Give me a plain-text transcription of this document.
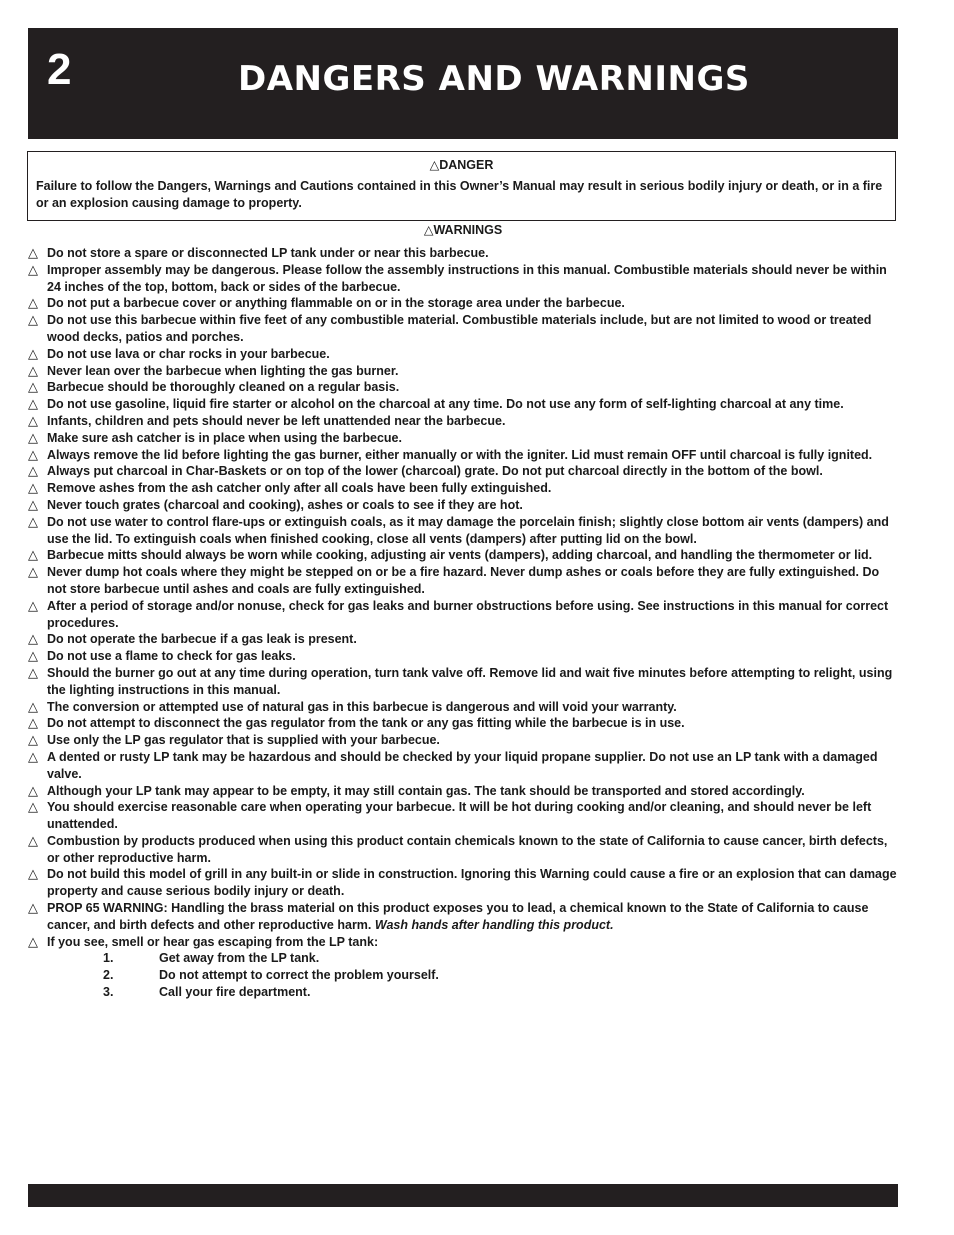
2	DANGERS AND WARNINGS
△DANGER
Failure to follow the Dangers, Warnings and Cautions contained in this Owner’s Manual may result in serious bodily injury or death, or in a fire or an explosion causing damage to property.
△WARNINGS
△ Do not store a spare or disconnected LP tank under or near this barbecue.
△ Improper assembly may be dangerous. Please follow the assembly instructions in this manual. Combustible materials should never be within 24 inches of the top, bottom, back or sides of the barbecue.
△ Do not put a barbecue cover or anything flammable on or in the storage area under the barbecue.
△ Do not use this barbecue within five feet of any combustible material. Combustible materials include, but are not limited to wood or treated wood decks, patios and porches.
△ Do not use lava or char rocks in your barbecue.
△ Never lean over the barbecue when lighting the gas burner.
△ Barbecue should be thoroughly cleaned on a regular basis.
△ Do not use gasoline, liquid fire starter or alcohol on the charcoal at any time. Do not use any form of self-lighting charcoal at any time.
△ Infants, children and pets should never be left unattended near the barbecue.
△ Make sure ash catcher is in place when using the barbecue.
△ Always remove the lid before lighting the gas burner, either manually or with the igniter. Lid must remain OFF until charcoal is fully ignited.
△ Always put charcoal in Char-Baskets or on top of the lower (charcoal) grate. Do not put charcoal directly in the bottom of the bowl.
△ Remove ashes from the ash catcher only after all coals have been fully extinguished.
△ Never touch grates (charcoal and cooking), ashes or coals to see if they are hot.
△ Do not use water to control flare-ups or extinguish coals, as it may damage the porcelain finish; slightly close bottom air vents (dampers) and use the lid. To extinguish coals when finished cooking, close all vents (dampers) after putting lid on the bowl.
△ Barbecue mitts should always be worn while cooking, adjusting air vents (dampers), adding charcoal, and handling the thermometer or lid.
△ Never dump hot coals where they might be stepped on or be a fire hazard. Never dump ashes or coals before they are fully extinguished. Do not store barbecue until ashes and coals are fully extinguished.
△ After a period of storage and/or nonuse, check for gas leaks and burner obstructions before using. See instructions in this manual for correct procedures.
△ Do not operate the barbecue if a gas leak is present.
△ Do not use a flame to check for gas leaks.
△ Should the burner go out at any time during operation, turn tank valve off. Remove lid and wait five minutes before attempting to relight, using the lighting instructions in this manual.
△ The conversion or attempted use of natural gas in this barbecue is dangerous and will void your warranty.
△ Do not attempt to disconnect the gas regulator from the tank or any gas fitting while the barbecue is in use.
△ Use only the LP gas regulator that is supplied with your barbecue.
△ A dented or rusty LP tank may be hazardous and should be checked by your liquid propane supplier. Do not use an LP tank with a damaged valve.
△ Although your LP tank may appear to be empty, it may still contain gas. The tank should be transported and stored accordingly.
△ You should exercise reasonable care when operating your barbecue. It will be hot during cooking and/or cleaning, and should never be left unattended.
△ Combustion by products produced when using this product contain chemicals known to the state of California to cause cancer, birth defects, or other reproductive harm.
△ Do not build this model of grill in any built-in or slide in construction. Ignoring this Warning could cause a fire or an explosion that can damage property and cause serious bodily injury or death.
△ PROP 65 WARNING: Handling the brass material on this product exposes you to lead, a chemical known to the State of California to cause cancer, and birth defects and other reproductive harm. Wash hands after handling this product.
△ If you see, smell or hear gas escaping from the LP tank:
1.	Get away from the LP tank.
2.	Do not attempt to correct the problem yourself.
3.	Call your fire department.
